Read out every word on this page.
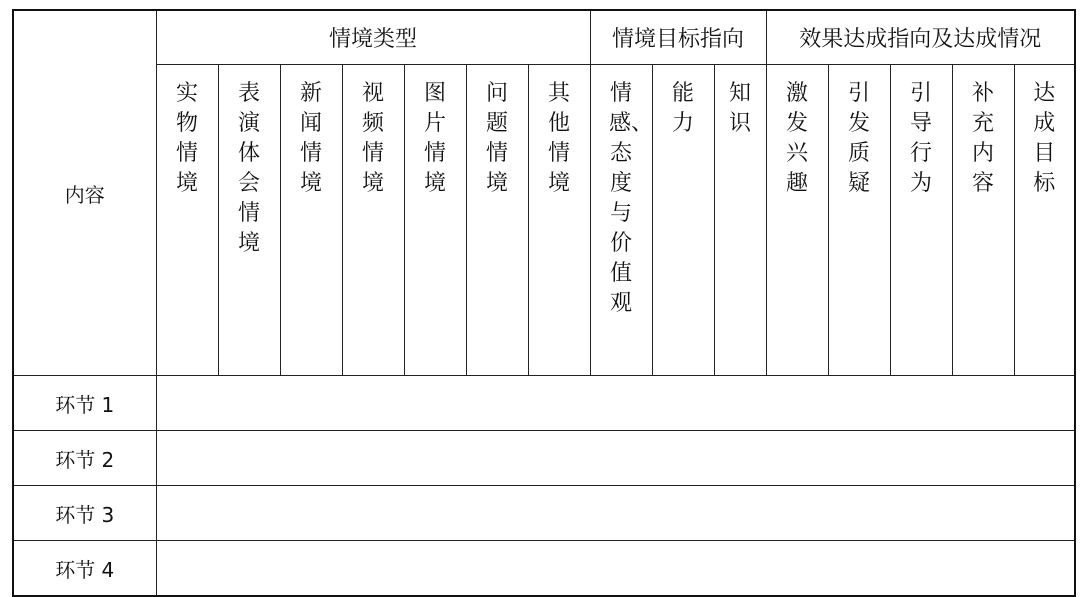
内容	情境类型							情境目标指向			效果达成指向及达成情况				
	实物情境	表演体会情境	新闻情境	视频情境	图片情境	问题情境	其他情境	情感、态度与价值观	能力	知识	激发兴趣	引发质疑	引导行为	补充内容	达成目标
环节 1															
环节 2															
环节 3															
环节 4															
